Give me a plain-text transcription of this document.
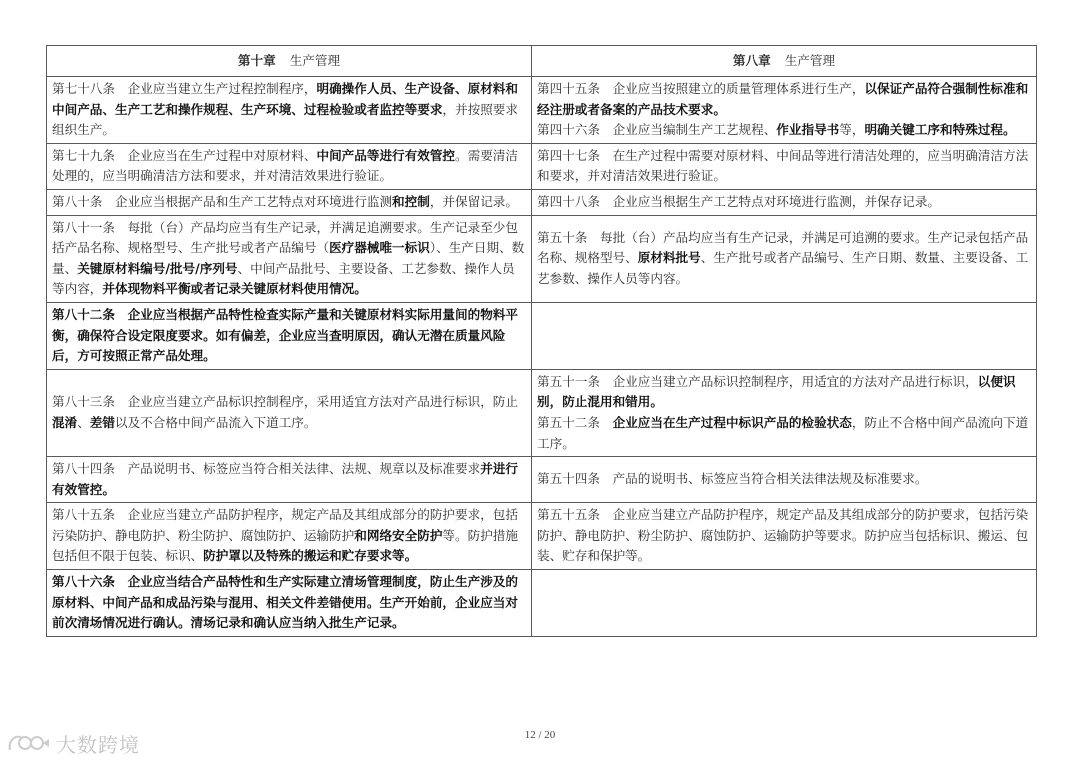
第十章 生产管理	第八章 生产管理
第七十八条　企业应当建立生产过程控制程序，明确操作人员、生产设备、原材料和中间产品、生产工艺和操作规程、生产环境、过程检验或者监控等要求，并按照要求组织生产。	第四十五条　企业应当按照建立的质量管理体系进行生产，以保证产品符合强制性标准和经注册或者备案的产品技术要求。
第四十六条　企业应当编制生产工艺规程、作业指导书等，明确关键工序和特殊过程。

第七十九条　企业应当在生产过程中对原材料、中间产品等进行有效管控。需要清洁处理的，应当明确清洁方法和要求，并对清洁效果进行验证。	第四十七条　在生产过程中需要对原材料、中间品等进行清洁处理的，应当明确清洁方法和要求，并对清洁效果进行验证。

第八十条　企业应当根据产品和生产工艺特点对环境进行监测和控制，并保留记录。	第四十八条　企业应当根据生产工艺特点对环境进行监测，并保存记录。

第八十一条　每批（台）产品均应当有生产记录，并满足追溯要求。生产记录至少包括产品名称、规格型号、生产批号或者产品编号（医疗器械唯一标识）、生产日期、数量、关键原材料编号/批号/序列号、中间产品批号、主要设备、工艺参数、操作人员等内容，并体现物料平衡或者记录关键原材料使用情况。	第五十条　每批（台）产品均应当有生产记录，并满足可追溯的要求。生产记录包括产品名称、规格型号、原材料批号、生产批号或者产品编号、生产日期、数量、主要设备、工艺参数、操作人员等内容。

第八十二条　企业应当根据产品特性检查实际产量和关键原材料实际用量间的物料平衡，确保符合设定限度要求。如有偏差，企业应当查明原因，确认无潜在质量风险后，方可按照正常产品处理。	
第八十三条　企业应当建立产品标识控制程序，采用适宜方法对产品进行标识，防止混淆、差错以及不合格中间产品流入下道工序。	第五十一条　企业应当建立产品标识控制程序，用适宜的方法对产品进行标识，以便识别，防止混用和错用。
第五十二条　企业应当在生产过程中标识产品的检验状态，防止不合格中间产品流向下道工序。

第八十四条　产品说明书、标签应当符合相关法律、法规、规章以及标准要求并进行有效管控。	第五十四条　产品的说明书、标签应当符合相关法律法规及标准要求。

第八十五条　企业应当建立产品防护程序，规定产品及其组成部分的防护要求，包括污染防护、静电防护、粉尘防护、腐蚀防护、运输防护和网络安全防护等。防护措施包括但不限于包装、标识、防护罩以及特殊的搬运和贮存要求等。	第五十五条　企业应当建立产品防护程序，规定产品及其组成部分的防护要求，包括污染防护、静电防护、粉尘防护、腐蚀防护、运输防护等要求。防护应当包括标识、搬运、包装、贮存和保护等。

第八十六条　企业应当结合产品特性和生产实际建立清场管理制度，防止生产涉及的原材料、中间产品和成品污染与混用、相关文件差错使用。生产开始前，企业应当对前次清场情况进行确认。清场记录和确认应当纳入批生产记录。	
大数跨境	12 / 20
